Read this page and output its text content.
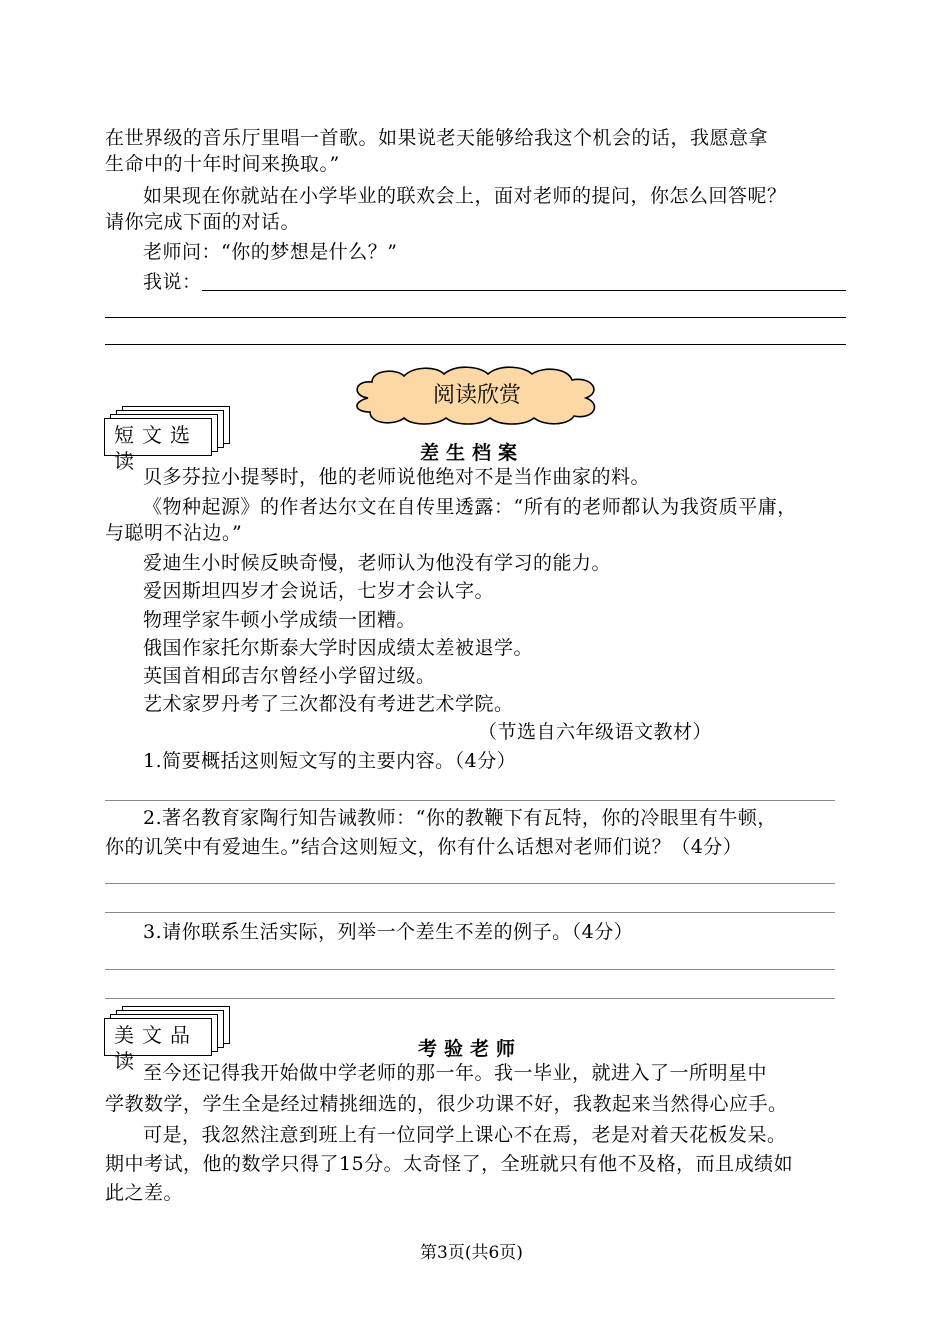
在世界级的音乐厅里唱一首歌。如果说老天能够给我这个机会的话，我愿意拿
生命中的十年时间来换取。”
如果现在你就站在小学毕业的联欢会上，面对老师的提问，你怎么回答呢？
请你完成下面的对话。
老师问：“你的梦想是什么？”
我说：
阅读欣赏
短文选读	差生档案
贝多芬拉小提琴时，他的老师说他绝对不是当作曲家的料。
《物种起源》的作者达尔文在自传里透露：“所有的老师都认为我资质平庸，
与聪明不沾边。”
爱迪生小时候反映奇慢，老师认为他没有学习的能力。
爱因斯坦四岁才会说话，七岁才会认字。
物理学家牛顿小学成绩一团糟。
俄国作家托尔斯泰大学时因成绩太差被退学。
英国首相邱吉尔曾经小学留过级。
艺术家罗丹考了三次都没有考进艺术学院。
（节选自六年级语文教材）
1.简要概括这则短文写的主要内容。（4分）
2.著名教育家陶行知告诫教师：“你的教鞭下有瓦特，你的冷眼里有牛顿，
你的讥笑中有爱迪生。”结合这则短文，你有什么话想对老师们说？（4分）
3.请你联系生活实际，列举一个差生不差的例子。（4分）
美文品读	考验老师
至今还记得我开始做中学老师的那一年。我一毕业，就进入了一所明星中
学教数学，学生全是经过精挑细选的，很少功课不好，我教起来当然得心应手。
可是，我忽然注意到班上有一位同学上课心不在焉，老是对着天花板发呆。
期中考试，他的数学只得了15分。太奇怪了，全班就只有他不及格，而且成绩如
此之差。
第3页(共6页)
